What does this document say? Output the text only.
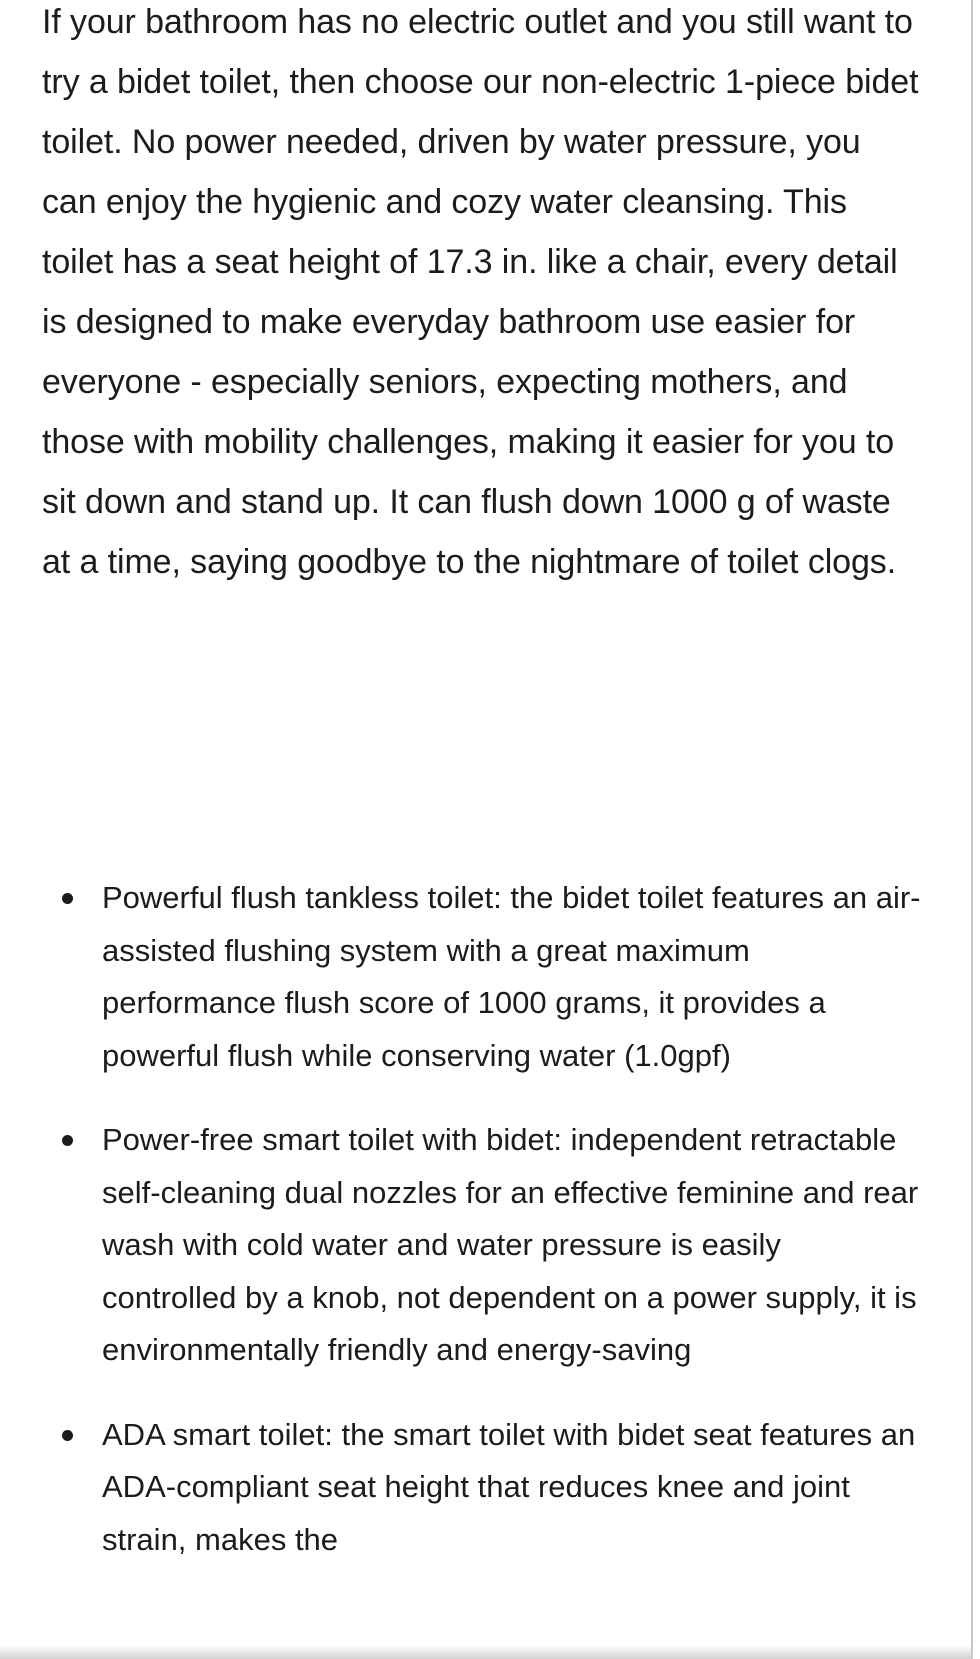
If your bathroom has no electric outlet and you still want to try a bidet toilet, then choose our non-electric 1-piece bidet toilet. No power needed, driven by water pressure, you can enjoy the hygienic and cozy water cleansing. This toilet has a seat height of 17.3 in. like a chair, every detail is designed to make everyday bathroom use easier for everyone - especially seniors, expecting mothers, and those with mobility challenges, making it easier for you to sit down and stand up. It can flush down 1000 g of waste at a time, saying goodbye to the nightmare of toilet clogs.

Powerful flush tankless toilet: the bidet toilet features an air-assisted flushing system with a great maximum performance flush score of 1000 grams, it provides a powerful flush while conserving water (1.0gpf)
Power-free smart toilet with bidet: independent retractable self-cleaning dual nozzles for an effective feminine and rear wash with cold water and water pressure is easily controlled by a knob, not dependent on a power supply, it is environmentally friendly and energy-saving
ADA smart toilet: the smart toilet with bidet seat features an ADA-compliant seat height that reduces knee and joint strain, makes the
